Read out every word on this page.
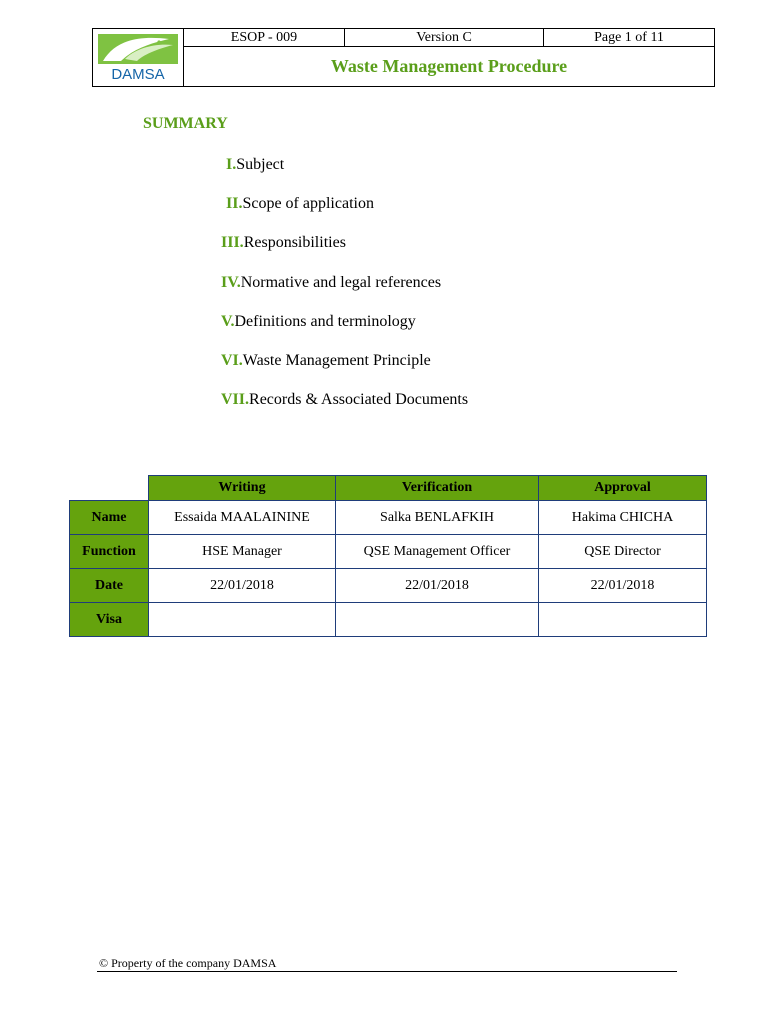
DAMSA
ESOP - 009	Version C	Page 1 of 11
Waste Management Procedure
SUMMARY
I.Subject
II.Scope of application
III.Responsibilities
IV.Normative and legal references
V.Definitions and terminology
VI.Waste Management Principle
VII.Records & Associated Documents
	Writing	Verification	Approval
Name	Essaida MAALAININE	Salka BENLAFKIH	Hakima CHICHA
Function	HSE Manager	QSE Management Officer	QSE Director
Date	22/01/2018	22/01/2018	22/01/2018
Visa			
© Property of the company DAMSA
